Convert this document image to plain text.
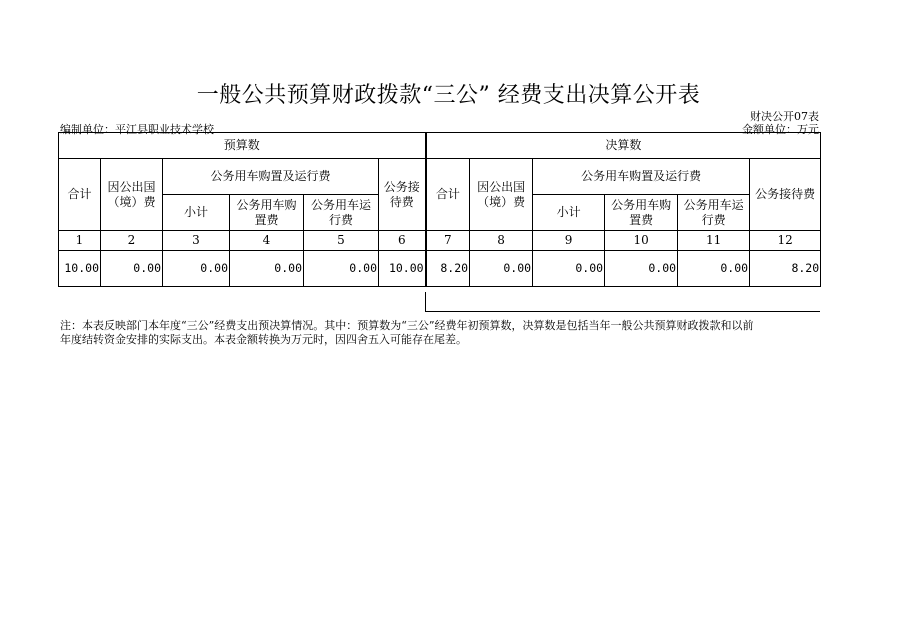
一般公共预算财政拨款“三公” 经费支出决算公开表
财决公开07表
编制单位：平江县职业技术学校	金额单位：万元
预算数						决算数					
合计	因公出国（境）费	公务用车购置及运行费			公务接待费	合计	因公出国（境）费	公务用车购置及运行费			公务接待费
		小计	公务用车购置费	公务用车运行费				小计	公务用车购置费	公务用车运行费	
1	2	3	4	5	6	7	8	9	10	11	12
10.00	0.00	0.00	0.00	0.00	10.00	8.20	0.00	0.00	0.00	0.00	8.20
注：本表反映部门本年度“三公”经费支出预决算情况。其中：预算数为“三公”经费年初预算数，决算数是包括当年一般公共预算财政拨款和以前年度结转资金安排的实际支出。本表金额转换为万元时，因四舍五入可能存在尾差。
